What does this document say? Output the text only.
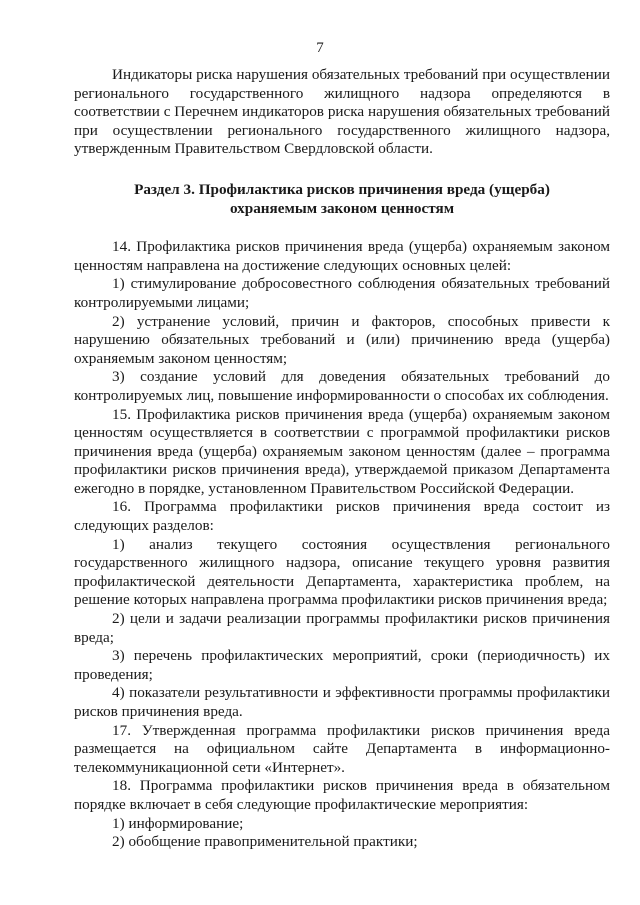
7

Индикаторы риска нарушения обязательных требований при осуществлении регионального государственного жилищного надзора определяются в соответствии с Перечнем индикаторов риска нарушения обязательных требований при осуществлении регионального государственного жилищного надзора, утвержденным Правительством Свердловской области.

Раздел 3. Профилактика рисков причинения вреда (ущерба)
охраняемым законом ценностям

14. Профилактика рисков причинения вреда (ущерба) охраняемым законом ценностям направлена на достижение следующих основных целей:

1) стимулирование добросовестного соблюдения обязательных требований контролируемыми лицами;

2) устранение условий, причин и факторов, способных привести к нарушению обязательных требований и (или) причинению вреда (ущерба) охраняемым законом ценностям;

3) создание условий для доведения обязательных требований до контролируемых лиц, повышение информированности о способах их соблюдения.

15. Профилактика рисков причинения вреда (ущерба) охраняемым законом ценностям осуществляется в соответствии с программой профилактики рисков причинения вреда (ущерба) охраняемым законом ценностям (далее – программа профилактики рисков причинения вреда), утверждаемой приказом Департамента ежегодно в порядке, установленном Правительством Российской Федерации.

16. Программа профилактики рисков причинения вреда состоит из следующих разделов:

1) анализ текущего состояния осуществления регионального государственного жилищного надзора, описание текущего уровня развития профилактической деятельности Департамента, характеристика проблем, на решение которых направлена программа профилактики рисков причинения вреда;

2) цели и задачи реализации программы профилактики рисков причинения вреда;

3) перечень профилактических мероприятий, сроки (периодичность) их проведения;

4) показатели результативности и эффективности программы профилактики рисков причинения вреда.

17. Утвержденная программа профилактики рисков причинения вреда размещается на официальном сайте Департамента в информационно-телекоммуникационной сети «Интернет».

18. Программа профилактики рисков причинения вреда в обязательном порядке включает в себя следующие профилактические мероприятия:

1) информирование;

2) обобщение правоприменительной практики;
